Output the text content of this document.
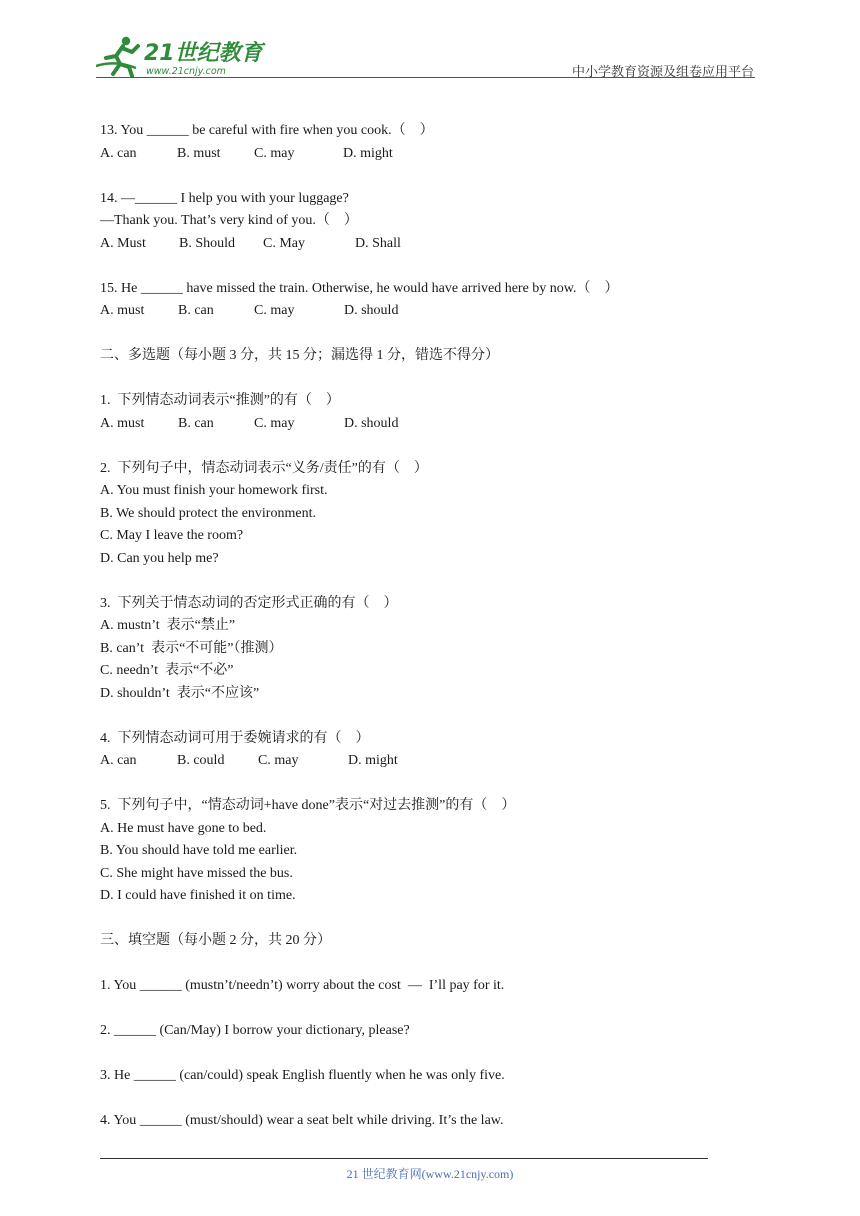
21世纪教育
www.21cnjy.com	中小学教育资源及组卷应用平台
13. You ______ be careful with fire when you cook.（    ）
A. can	B. must	C. may	D. might
14. —______ I help you with your luggage?
—Thank you. That’s very kind of you.（    ）
A. Must	B. Should	C. May	D. Shall
15. He ______ have missed the train. Otherwise, he would have arrived here by now.（    ）
A. must	B. can	C. may	D. should
二、多选题（每小题 3 分，共 15 分；漏选得 1 分，错选不得分）
1.  下列情态动词表示“推测”的有（    ）
A. must	B. can	C. may	D. should
2.  下列句子中，情态动词表示“义务/责任”的有（    ）
A. You must finish your homework first.
B. We should protect the environment.
C. May I leave the room?
D. Can you help me?
3.  下列关于情态动词的否定形式正确的有（    ）
A. mustn’t  表示“禁止”
B. can’t  表示“不可能”（推测）
C. needn’t  表示“不必”
D. shouldn’t  表示“不应该”
4.  下列情态动词可用于委婉请求的有（    ）
A. can	B. could	C. may	D. might
5.  下列句子中，“情态动词+have done”表示“对过去推测”的有（    ）
A. He must have gone to bed.
B. You should have told me earlier.
C. She might have missed the bus.
D. I could have finished it on time.
三、填空题（每小题 2 分，共 20 分）
1. You ______ (mustn’t/needn’t) worry about the cost  —  I’ll pay for it.
2. ______ (Can/May) I borrow your dictionary, please?
3. He ______ (can/could) speak English fluently when he was only five.
4. You ______ (must/should) wear a seat belt while driving. It’s the law.
21 世纪教育网(www.21cnjy.com)
